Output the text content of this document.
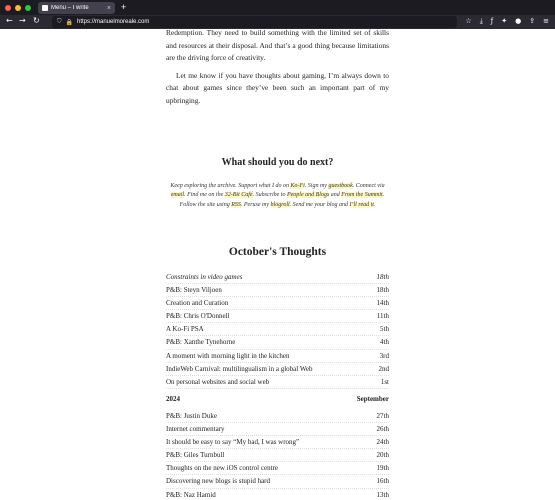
Menu – I write	× +
← → ↻	⛉ 🔒 https://manuelmoreale.com	☆ ⤓ ƒ ✦ ● ⇪ ≡

Redemption. They need to build something with the limited set of skills and resources at their disposal. And that’s a good thing because limitations are the driving force of creativity.

Let me know if you have thoughts about gaming, I’m always down to chat about games since they’ve been such an important part of my upbringing.

What should you do next?

Keep exploring the archive. Support what I do on Ko-Fi. Sign my guestbook. Connect via email. Find me on the 32-Bit Café. Subscribe to People and Blogs and From the Summit. Follow the site using RSS. Peruse my blogroll. Send me your blog and I’ll read it.

October's Thoughts
Constraints in video games	18th
P&B: Steyn Viljoen	18th
Creation and Curation	14th
P&B: Chris O'Donnell	11th
A Ko-Fi PSA	5th
P&B: Xanthe Tynehorne	4th
A moment with morning light in the kitchen	3rd
IndieWeb Carnival: multilingualism in a global Web	2nd
On personal websites and social web	1st
2024	September
P&B: Justin Duke	27th
Internet commentary	26th
It should be easy to say “My bad, I was wrong”	24th
P&B: Giles Turnbull	20th
Thoughts on the new iOS control centre	19th
Discovering new blogs is stupid hard	16th
P&B: Naz Hamid	13th
